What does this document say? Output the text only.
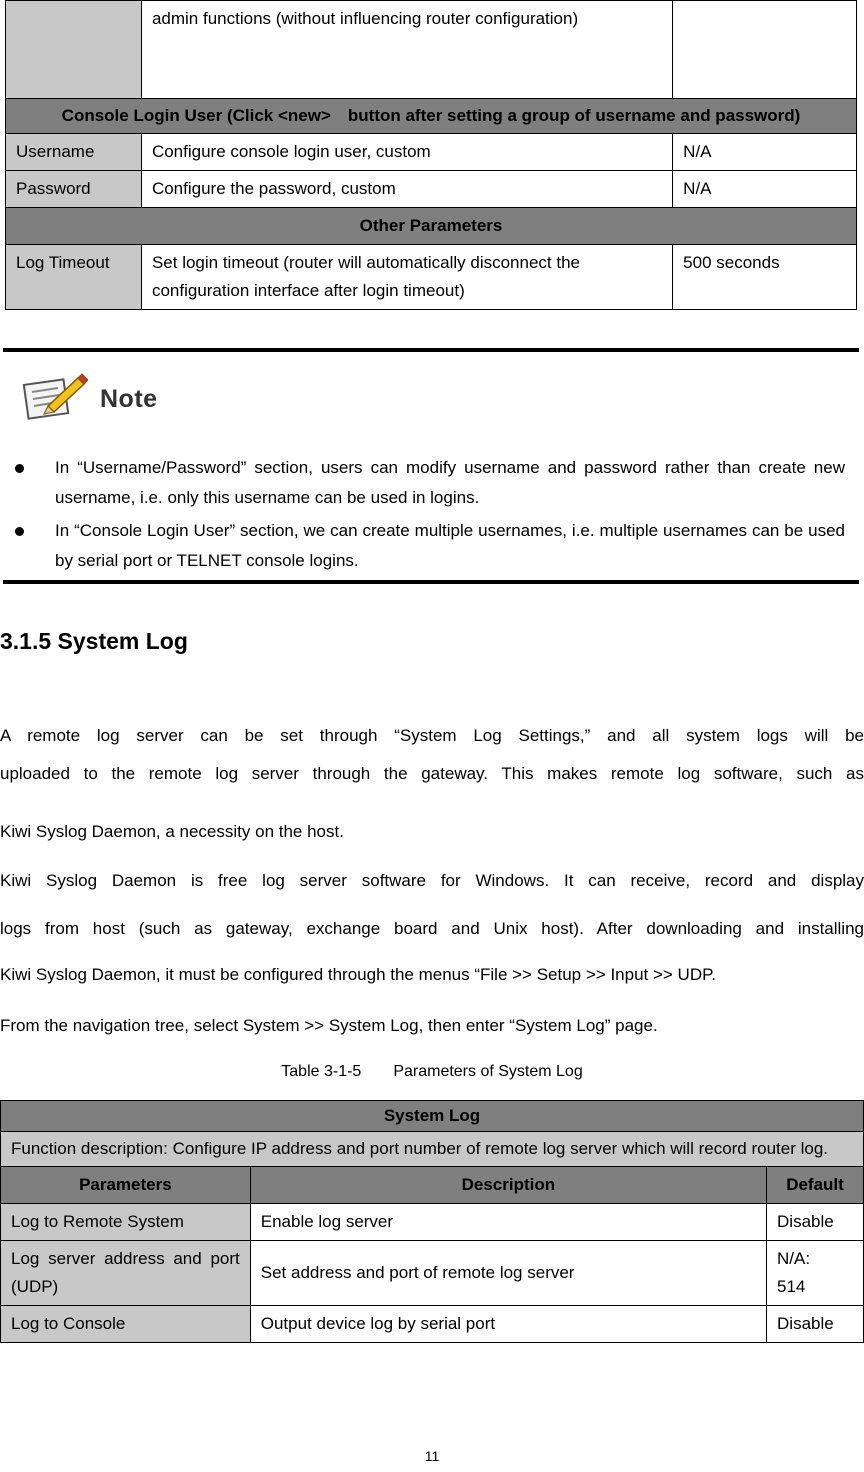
	admin functions (without influencing router configuration)	
Console Login User (Click <new>　button after setting a group of username and password)		
Username	Configure console login user, custom	N/A
Password	Configure the password, custom	N/A
Other Parameters		
Log Timeout	Set login timeout (router will automatically disconnect the configuration interface after login timeout)	500 seconds
Note
In “Username/Password” section, users can modify username and password rather than create new username, i.e. only this username can be used in logins.
In “Console Login User” section, we can create multiple usernames, i.e. multiple usernames can be used by serial port or TELNET console logins.
3.1.5 System Log
A remote log server can be set through “System Log Settings,” and all system logs will be
uploaded to the remote log server through the gateway. This makes remote log software, such as
Kiwi Syslog Daemon, a necessity on the host.
Kiwi Syslog Daemon is free log server software for Windows. It can receive, record and display
logs from host (such as gateway, exchange board and Unix host). After downloading and installing
Kiwi Syslog Daemon, it must be configured through the menus “File >> Setup >> Input >> UDP.
From the navigation tree, select System >> System Log, then enter “System Log” page.
Table 3-1-5 Parameters of System Log
System Log		
Function description: Configure IP address and port number of remote log server which will record router log.		
Parameters	Description	Default
Log to Remote System	Enable log server	Disable
Log server address and port (UDP)	Set address and port of remote log server	N/A: 514
Log to Console	Output device log by serial port	Disable
11
